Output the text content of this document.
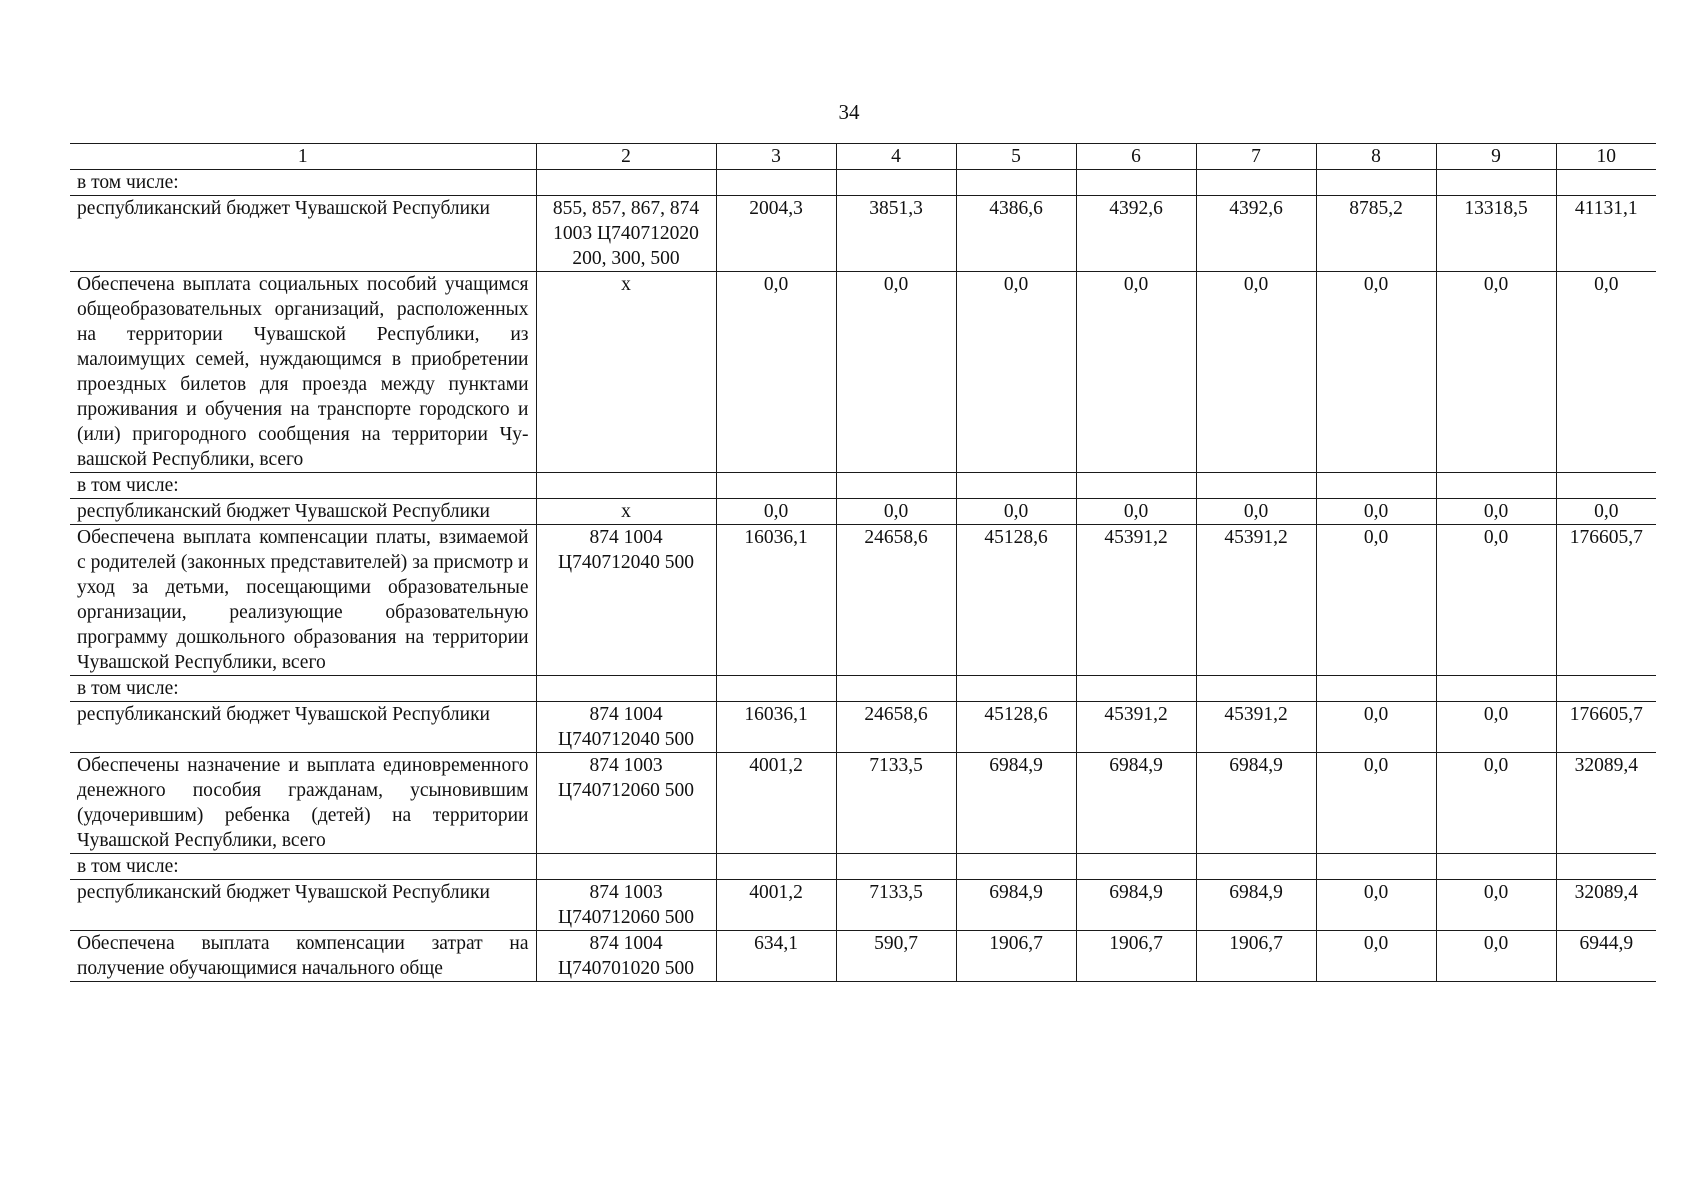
34
1	2	3	4	5	6	7	8	9	10
в том числе:									
республиканский бюджет Чувашской Республики	855, 857, 867, 874 1003 Ц740712020 200, 300, 500	2004,3	3851,3	4386,6	4392,6	4392,6	8785,2	13318,5	41131,1
Обеспечена выплата социальных пособий учащимся общеобразовательных организаций, расположенных на территории Чувашской Республики, из малоимущих семей, нуждающимся в приобретении проездных билетов для проезда между пунктами проживания и обучения на транспорте городского и (или) пригородного сообщения на территории Чувашской Республики, всего	х	0,0	0,0	0,0	0,0	0,0	0,0	0,0	0,0
в том числе:									
республиканский бюджет Чувашской Республики	х	0,0	0,0	0,0	0,0	0,0	0,0	0,0	0,0
Обеспечена выплата компенсации платы, взимаемой с родителей (законных представителей) за присмотр и уход за детьми, посещающими образовательные организации, реализующие образовательную программу дошкольного образования на территории Чувашской Республики, всего	874 1004 Ц740712040 500	16036,1	24658,6	45128,6	45391,2	45391,2	0,0	0,0	176605,7
в том числе:									
республиканский бюджет Чувашской Республики	874 1004 Ц740712040 500	16036,1	24658,6	45128,6	45391,2	45391,2	0,0	0,0	176605,7
Обеспечены назначение и выплата единовременного денежного пособия гражданам, усыновившим (удочерившим) ребенка (детей) на территории Чувашской Республики, всего	874 1003 Ц740712060 500	4001,2	7133,5	6984,9	6984,9	6984,9	0,0	0,0	32089,4
в том числе:									
республиканский бюджет Чувашской Республики	874 1003 Ц740712060 500	4001,2	7133,5	6984,9	6984,9	6984,9	0,0	0,0	32089,4
Обеспечена выплата компенсации затрат на получение обучающимися начального обще	874 1004 Ц740701020 500	634,1	590,7	1906,7	1906,7	1906,7	0,0	0,0	6944,9
